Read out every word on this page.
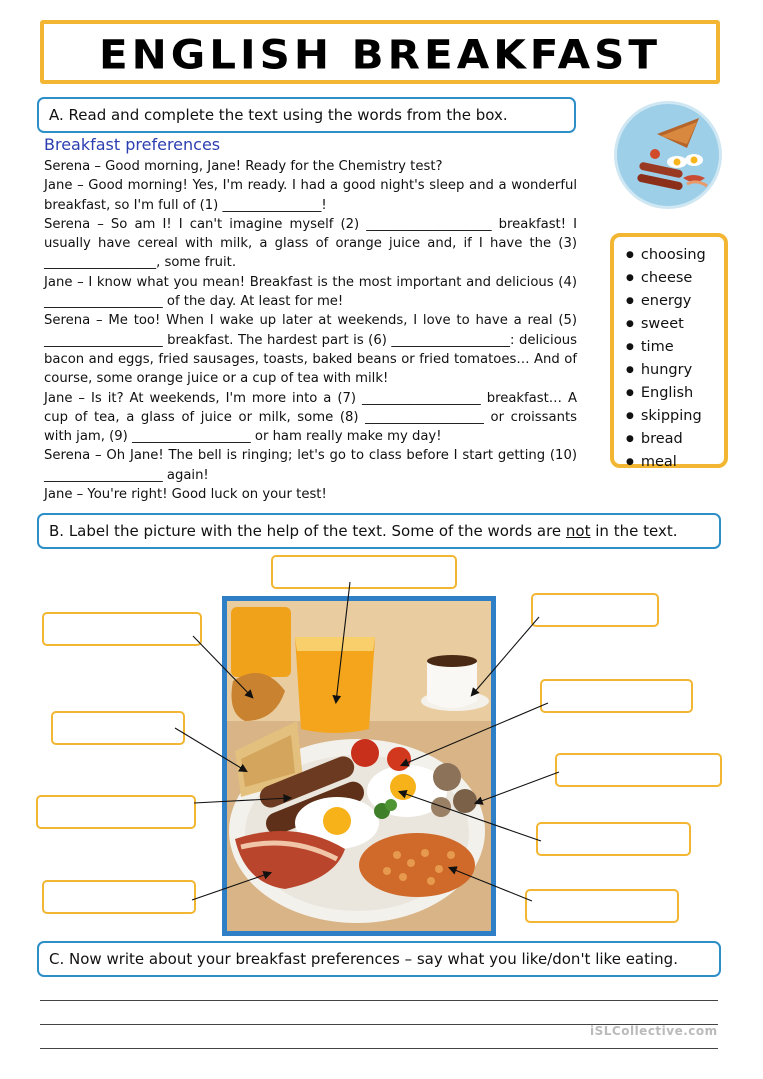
ENGLISH BREAKFAST
A. Read and complete the text using the words from the box.
Breakfast preferences

Serena – Good morning, Jane! Ready for the Chemistry test?

Jane – Good morning! Yes, I'm ready. I had a good night's sleep and a wonderful breakfast, so I'm full of (1) _______________!

Serena – So am I! I can't imagine myself (2) ___________________ breakfast! I usually have cereal with milk, a glass of orange juice and, if I have the (3) _________________, some fruit.

Jane – I know what you mean! Breakfast is the most important and delicious (4) __________________ of the day. At least for me!

Serena – Me too! When I wake up later at weekends, I love to have a real (5) __________________ breakfast. The hardest part is (6) __________________: delicious bacon and eggs, fried sausages, toasts, baked beans or fried tomatoes… And of course, some orange juice or a cup of tea with milk!

Jane – Is it? At weekends, I'm more into a (7) __________________ breakfast… A cup of tea, a glass of juice or milk, some (8) __________________ or croissants with jam, (9) __________________ or ham really make my day!

Serena – Oh Jane! The bell is ringing; let's go to class before I start getting (10) __________________ again!

Jane – You're right! Good luck on your test!

● choosing
● cheese
● energy
● sweet
● time
● hungry
● English
● skipping
● bread
● meal
B. Label the picture with the help of the text. Some of the words are not in the text.
C. Now write about your breakfast preferences – say what you like/don't like eating.
iSLCollective.com
